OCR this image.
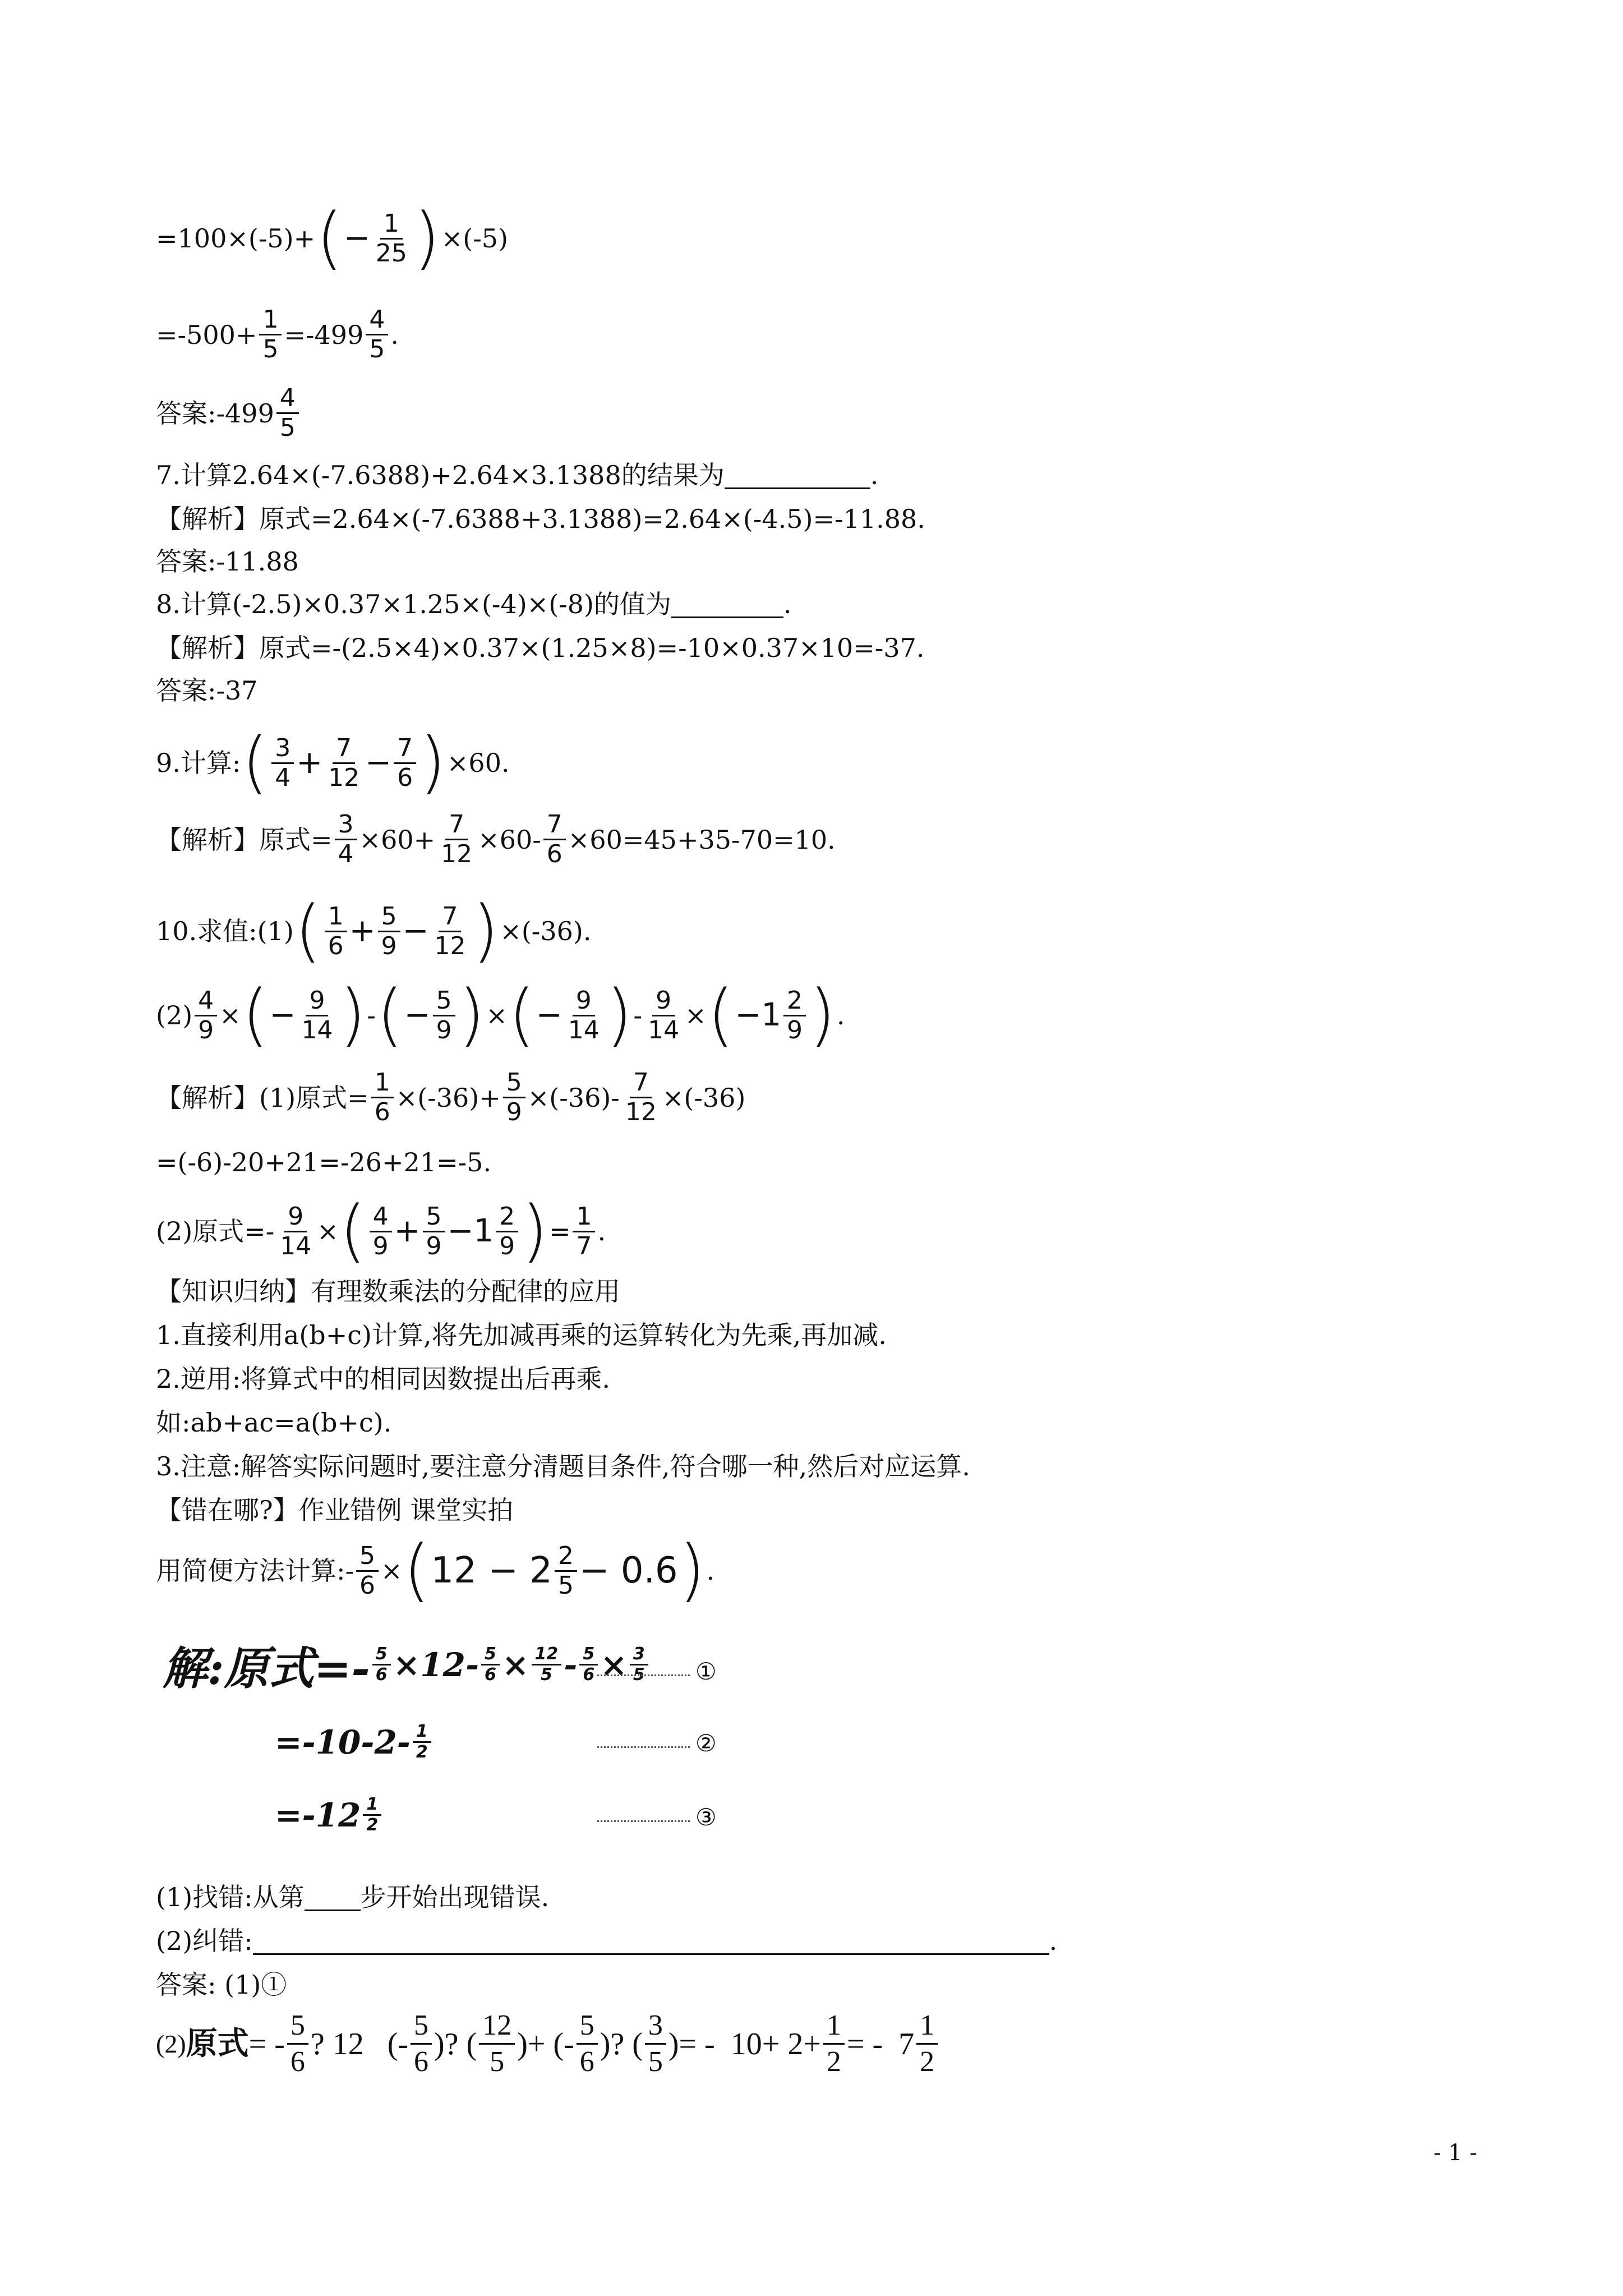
=100×(-5)+ ( − $\frac{1}{25}$ ) ×(-5)
$=-500+ \frac{1}{5} =-499 \frac{4}{5}$ .
答案:-499 $\frac{4}{5}$
7.计算2.64×(-7.6388)+2.64×3.1388的结果为	.
【解析】原式=2.64×(-7.6388+3.1388)=2.64×(-4.5)=-11.88.
答案:-11.88
8.计算(-2.5)×0.37×1.25×(-4)×(-8)的值为	.
【解析】原式=-(2.5×4)×0.37×(1.25×8)=-10×0.37×10=-37.
答案:-37
9.计算: ( $\frac{3}{4} + \frac{7}{12} - \frac{7}{6}$ ) ×60.
【解析】原式= $\frac{3}{4} \times 60+ \frac{7}{12} \times 60- \frac{7}{6} \times 60=45+35-70=10$.
10.求值:(1) ( $\frac{1}{6} + \frac{5}{9} - \frac{7}{12}$ ) ×(-36).
$(2) \frac{4}{9}$ × ( − $\frac{9}{14}$ ) - ( − $\frac{5}{9}$ ) × ( − $\frac{9}{14}$ ) - $\frac{9}{14}$ × ( $-1 \frac{2}{9}$ ) .
【解析】(1)原式= $\frac{1}{6} \times(-36)+ \frac{5}{9} \times(-36)- \frac{7}{12} \times(-36)$
=(-6)-20+21=-26+21=-5.
(2)原式=- $\frac{9}{14}$ × ( $\frac{4}{9} + \frac{5}{9} -1 \frac{2}{9}$ ) = $\frac{1}{7}$ .
【知识归纳】有理数乘法的分配律的应用
1.直接利用a(b+c)计算,将先加减再乘的运算转化为先乘,再加减.
2.逆用:将算式中的相同因数提出后再乘.
如:ab+ac=a(b+c).
3.注意:解答实际问题时,要注意分清题目条件,符合哪一种,然后对应运算.
【错在哪?】作业错例 课堂实拍
用简便方法计算:- $\frac{5}{6}$ × ( $12 - 2 \frac{2}{5} - 0.6$ ) .
解:原式=- $\frac{5}{6} \times 12- \frac{5}{6} \times \frac{12}{5} - \frac{5}{6} \times \frac{3}{5}$ ①
$=-10-2- \frac{1}{2}$	②
$=-12 \frac{1}{2}$	③
(1)找错:从第 步开始出现错误.
(2)纠错:	.
答案: (1)①
(2) 原式 = - $\frac{5}{6}$ ? 12   (- $\frac{5}{6}$ )? ( $\frac{12}{5}$ )+ (- $\frac{5}{6}$ )? ( $\frac{3}{5}$ )= -  $10+ 2+ \frac{1}{2}$ = -  $7 \frac{1}{2}$
- 1 -
